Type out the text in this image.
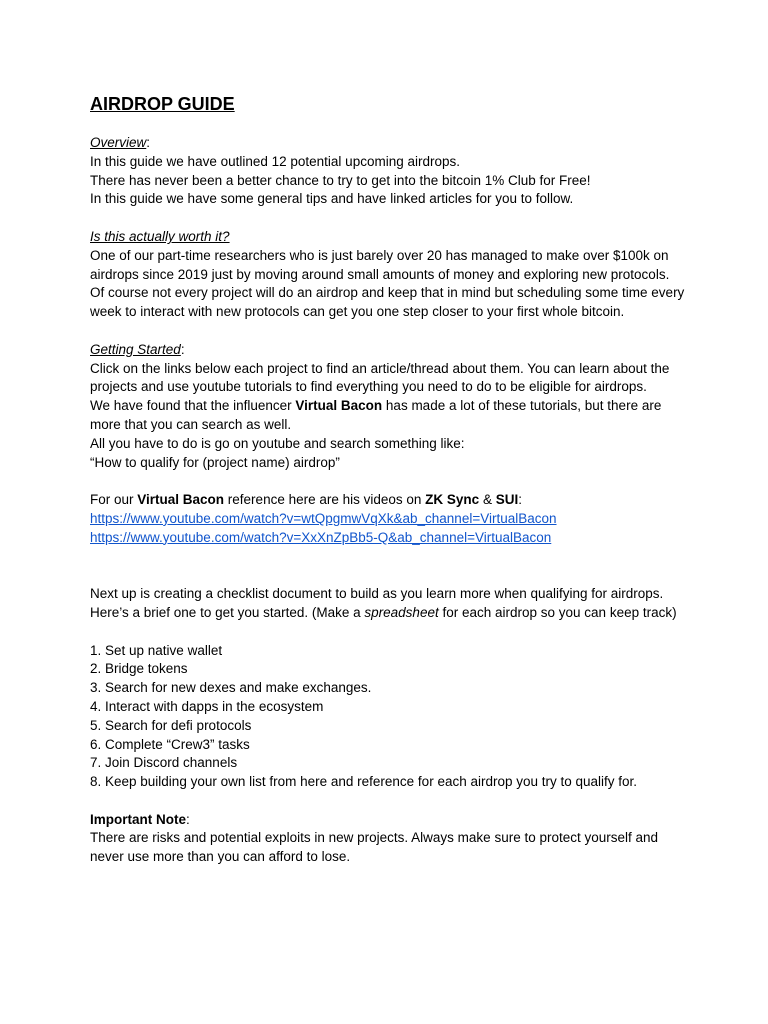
AIRDROP GUIDE

Overview:

In this guide we have outlined 12 potential upcoming airdrops.

There has never been a better chance to try to get into the bitcoin 1% Club for Free!

In this guide we have some general tips and have linked articles for you to follow.

Is this actually worth it?

One of our part-time researchers who is just barely over 20 has managed to make over $100k on airdrops since 2019 just by moving around small amounts of money and exploring new protocols.

Of course not every project will do an airdrop and keep that in mind but scheduling some time every week to interact with new protocols can get you one step closer to your first whole bitcoin.

Getting Started:

Click on the links below each project to find an article/thread about them. You can learn about the projects and use youtube tutorials to find everything you need to do to be eligible for airdrops.

We have found that the influencer Virtual Bacon has made a lot of these tutorials, but there are more that you can search as well.

All you have to do is go on youtube and search something like:

“How to qualify for (project name) airdrop”

For our Virtual Bacon reference here are his videos on ZK Sync & SUI:

https://www.youtube.com/watch?v=wtQpgmwVqXk&ab_channel=VirtualBacon

https://www.youtube.com/watch?v=XxXnZpBb5-Q&ab_channel=VirtualBacon

Next up is creating a checklist document to build as you learn more when qualifying for airdrops.

Here’s a brief one to get you started. (Make a spreadsheet for each airdrop so you can keep track)

1. Set up native wallet
2. Bridge tokens
3. Search for new dexes and make exchanges.
4. Interact with dapps in the ecosystem
5. Search for defi protocols
6. Complete “Crew3” tasks
7. Join Discord channels
8. Keep building your own list from here and reference for each airdrop you try to qualify for.

Important Note:

There are risks and potential exploits in new projects. Always make sure to protect yourself and never use more than you can afford to lose.
